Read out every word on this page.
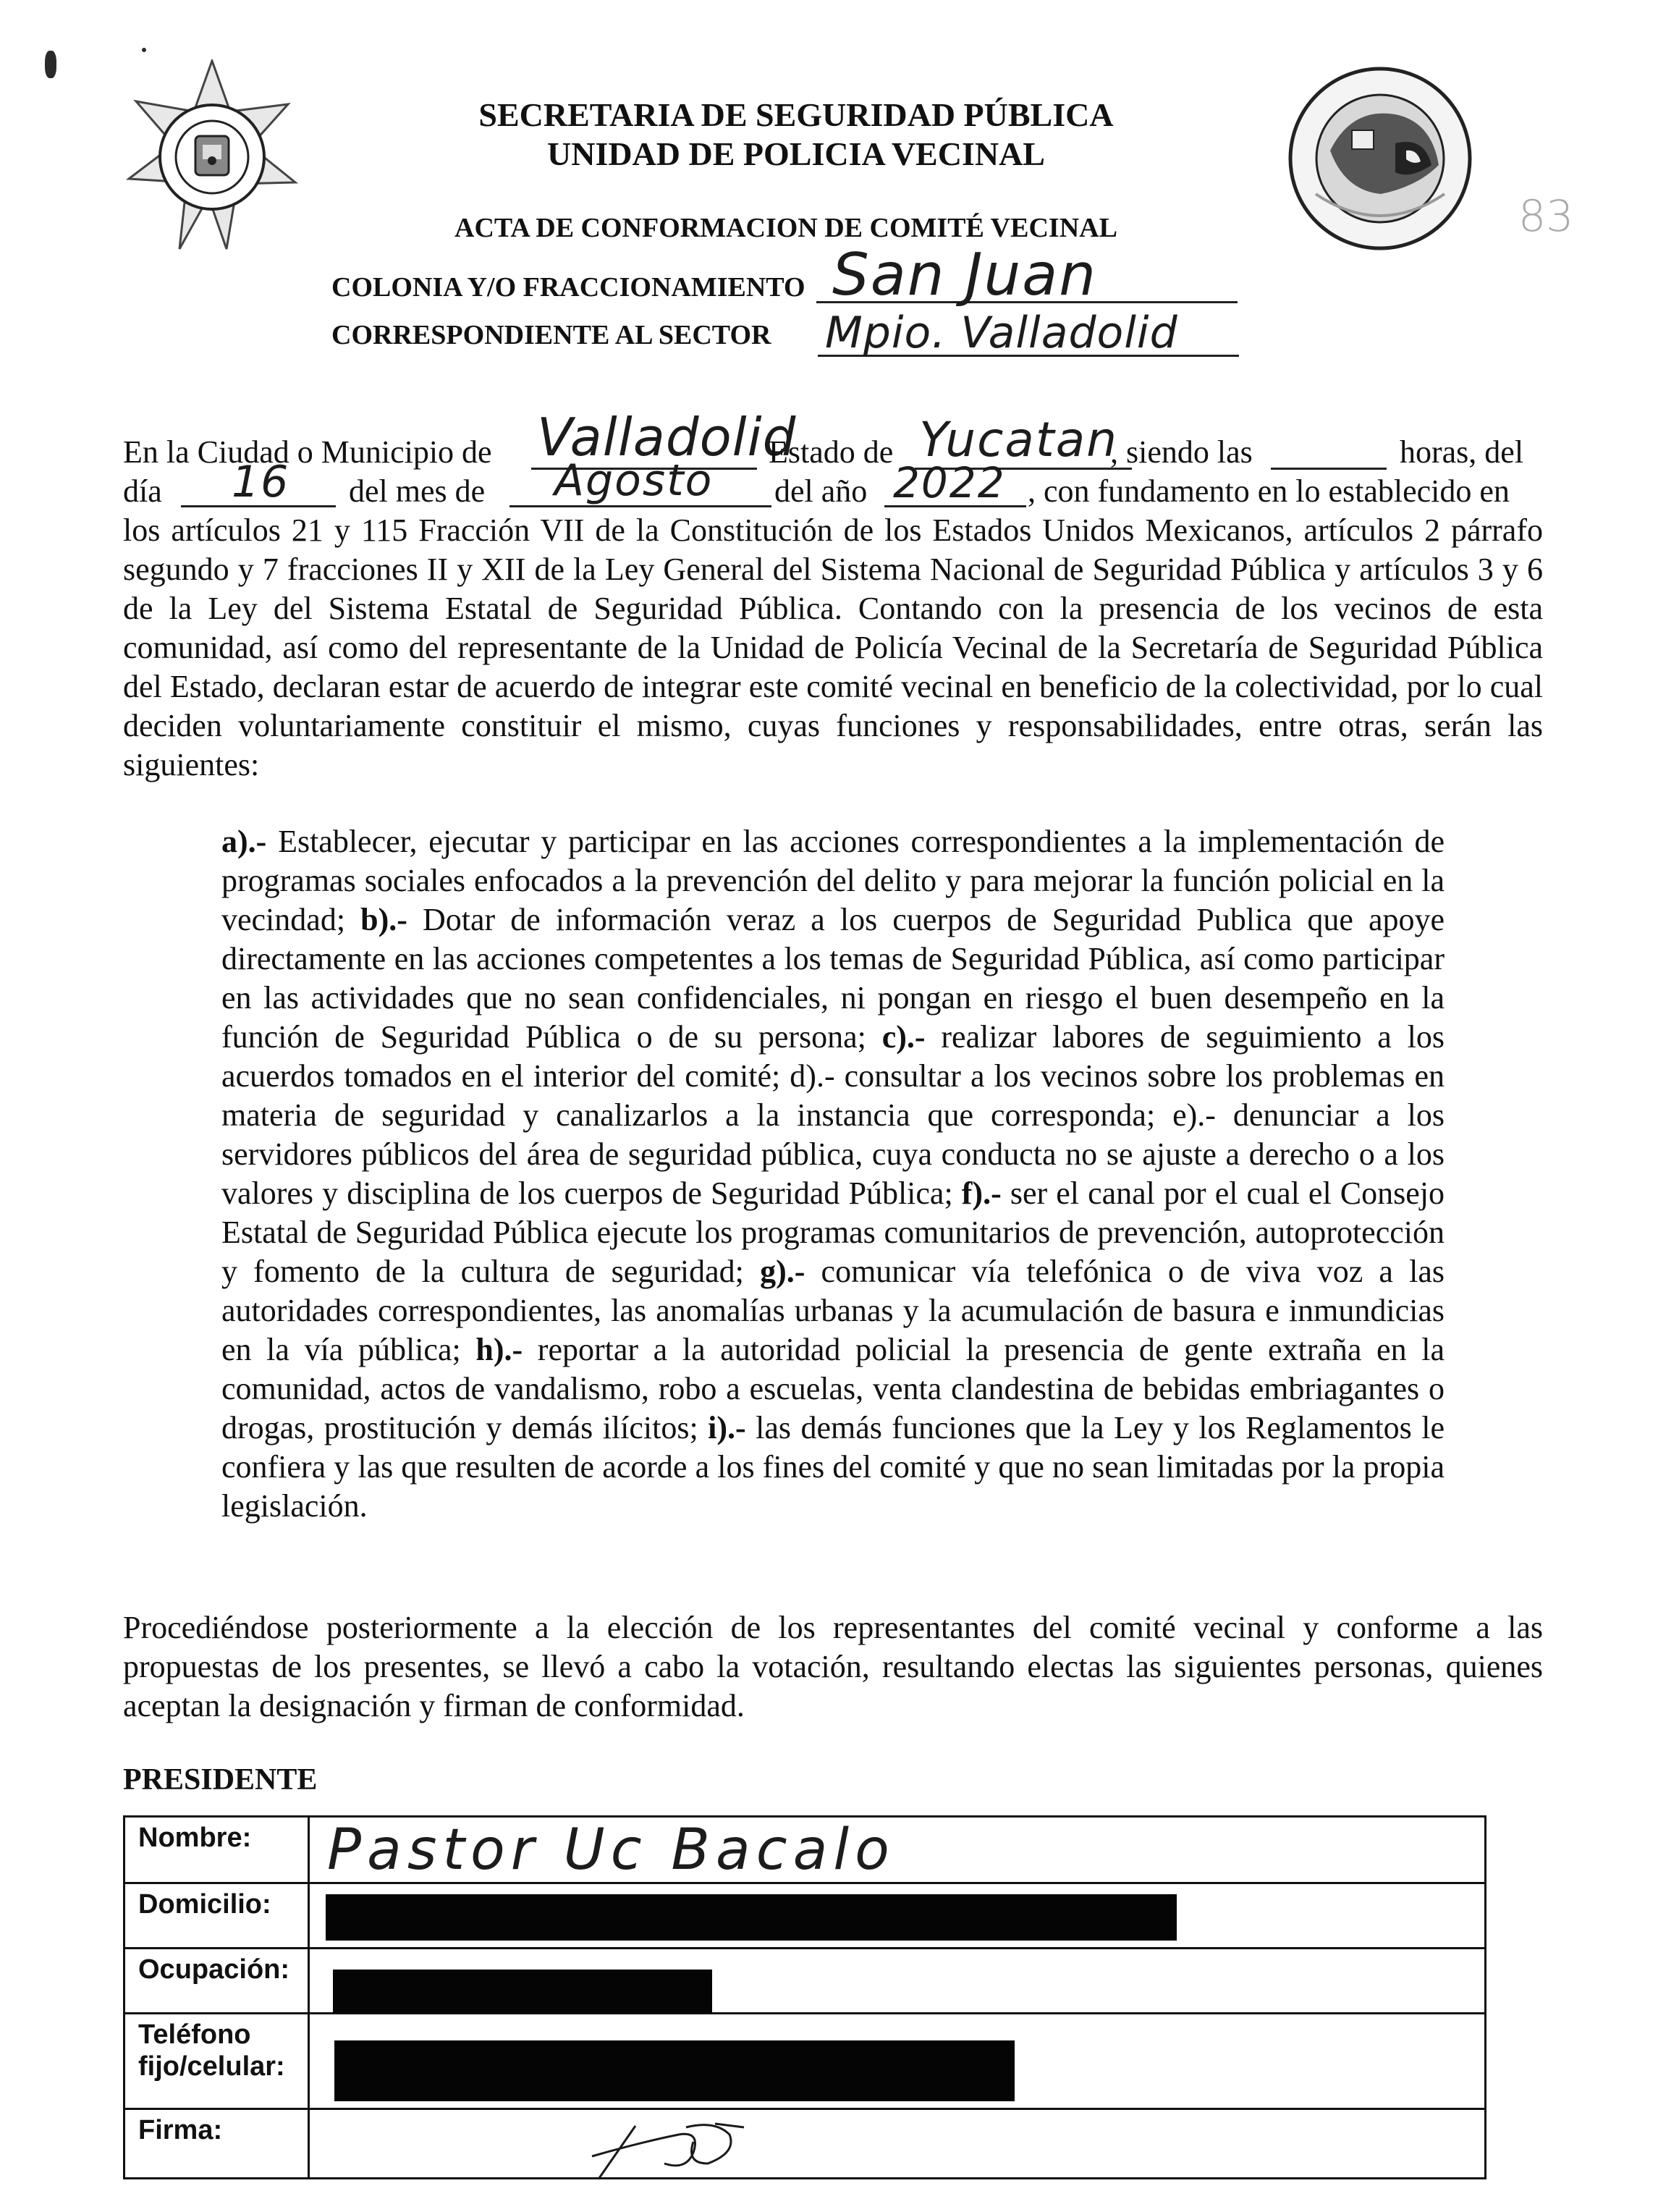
SECRETARIA DE SEGURIDAD PÚBLICA
UNIDAD DE POLICIA VECINAL
83
ACTA DE CONFORMACION DE COMITÉ VECINAL
COLONIA Y/O FRACCIONAMIENTO San Juan
CORRESPONDIENTE AL SECTOR Mpio. Valladolid
En la Ciudad o Municipio de Valladolid
Estado de Yucatan
, siendo las	horas, del
día 16 del mes de Agosto del año 2022 , con fundamento en lo establecido en
los artículos 21 y 115 Fracción VII de la Constitución de los Estados Unidos Mexicanos, artículos 2 párrafo segundo y 7 fracciones II y XII de la Ley General del Sistema Nacional de Seguridad Pública y artículos 3 y 6 de la Ley del Sistema Estatal de Seguridad Pública. Contando con la presencia de los vecinos de esta comunidad, así como del representante de la Unidad de Policía Vecinal de la Secretaría de Seguridad Pública del Estado, declaran estar de acuerdo de integrar este comité vecinal en beneficio de la colectividad, por lo cual deciden voluntariamente constituir el mismo, cuyas funciones y responsabilidades, entre otras, serán las siguientes:
a).- Establecer, ejecutar y participar en las acciones correspondientes a la implementación de programas sociales enfocados a la prevención del delito y para mejorar la función policial en la vecindad; b).- Dotar de información veraz a los cuerpos de Seguridad Publica que apoye directamente en las acciones competentes a los temas de Seguridad Pública, así como participar en las actividades que no sean confidenciales, ni pongan en riesgo el buen desempeño en la función de Seguridad Pública o de su persona; c).- realizar labores de seguimiento a los acuerdos tomados en el interior del comité; d).- consultar a los vecinos sobre los problemas en materia de seguridad y canalizarlos a la instancia que corresponda; e).- denunciar a los servidores públicos del área de seguridad pública, cuya conducta no se ajuste a derecho o a los valores y disciplina de los cuerpos de Seguridad Pública; f).- ser el canal por el cual el Consejo Estatal de Seguridad Pública ejecute los programas comunitarios de prevención, autoprotección y fomento de la cultura de seguridad; g).- comunicar vía telefónica o de viva voz a las autoridades correspondientes, las anomalías urbanas y la acumulación de basura e inmundicias en la vía pública; h).- reportar a la autoridad policial la presencia de gente extraña en la comunidad, actos de vandalismo, robo a escuelas, venta clandestina de bebidas embriagantes o drogas, prostitución y demás ilícitos; i).- las demás funciones que la Ley y los Reglamentos le confiera y las que resulten de acorde a los fines del comité y que no sean limitadas por la propia legislación.
Procediéndose posteriormente a la elección de los representantes del comité vecinal y conforme a las propuestas de los presentes, se llevó a cabo la votación, resultando electas las siguientes personas, quienes aceptan la designación y firman de conformidad.
PRESIDENTE
Nombre:	Pastor Uc Bacalo

Domicilio:	

Ocupación:	

Teléfono fijo/celular:	

Firma:	
